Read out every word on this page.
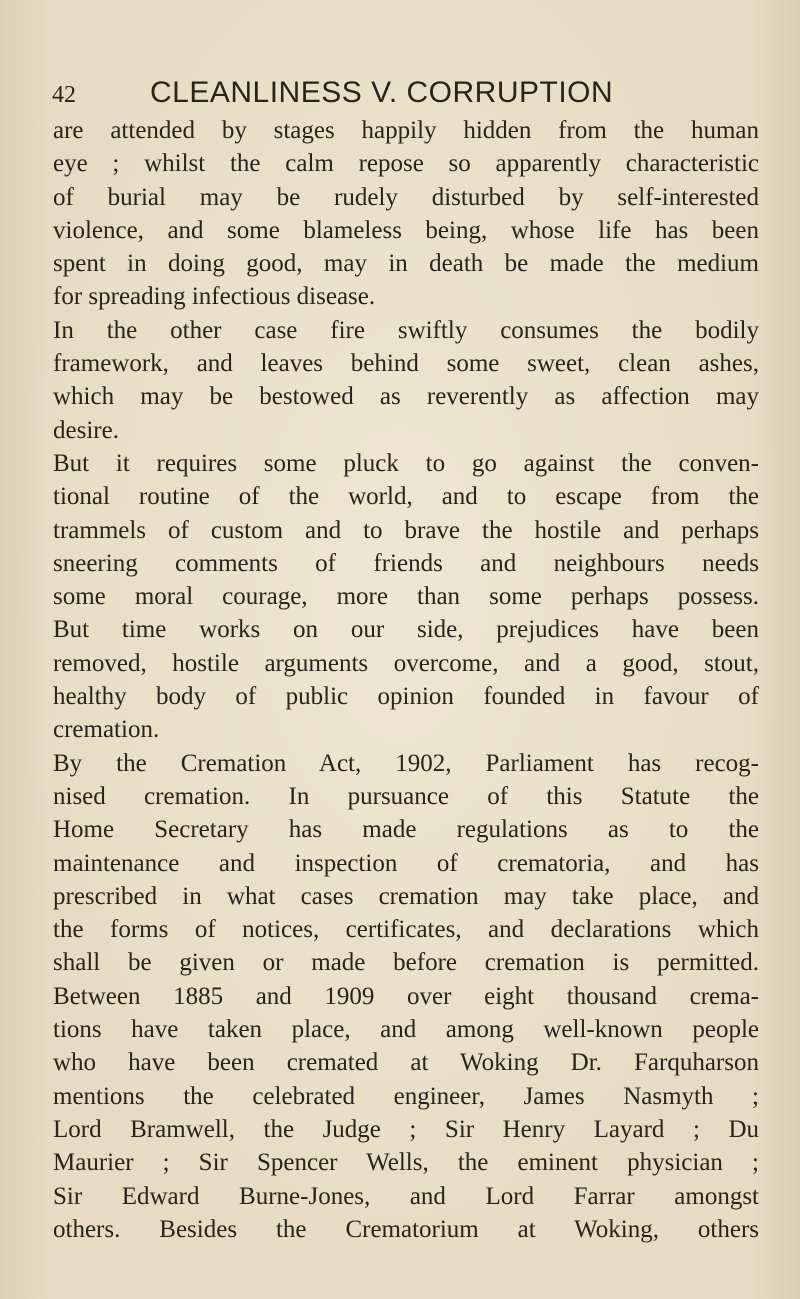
42 CLEANLINESS V. CORRUPTION
are attended by stages happily hidden from the human
eye ; whilst the calm repose so apparently characteristic
of burial may be rudely disturbed by self-interested
violence, and some blameless being, whose life has been
spent in doing good, may in death be made the medium
for spreading infectious disease.
In the other case fire swiftly consumes the bodily
framework, and leaves behind some sweet, clean ashes,
which may be bestowed as reverently as affection may
desire.
But it requires some pluck to go against the conven-
tional routine of the world, and to escape from the
trammels of custom and to brave the hostile and perhaps
sneering comments of friends and neighbours needs
some moral courage, more than some perhaps possess.
But time works on our side, prejudices have been
removed, hostile arguments overcome, and a good, stout,
healthy body of public opinion founded in favour of
cremation.
By the Cremation Act, 1902, Parliament has recog-
nised cremation. In pursuance of this Statute the
Home Secretary has made regulations as to the
maintenance and inspection of crematoria, and has
prescribed in what cases cremation may take place, and
the forms of notices, certificates, and declarations which
shall be given or made before cremation is permitted.
Between 1885 and 1909 over eight thousand crema-
tions have taken place, and among well-known people
who have been cremated at Woking Dr. Farquharson
mentions the celebrated engineer, James Nasmyth ;
Lord Bramwell, the Judge ; Sir Henry Layard ; Du
Maurier ; Sir Spencer Wells, the eminent physician ;
Sir Edward Burne-Jones, and Lord Farrar amongst
others. Besides the Crematorium at Woking, others
